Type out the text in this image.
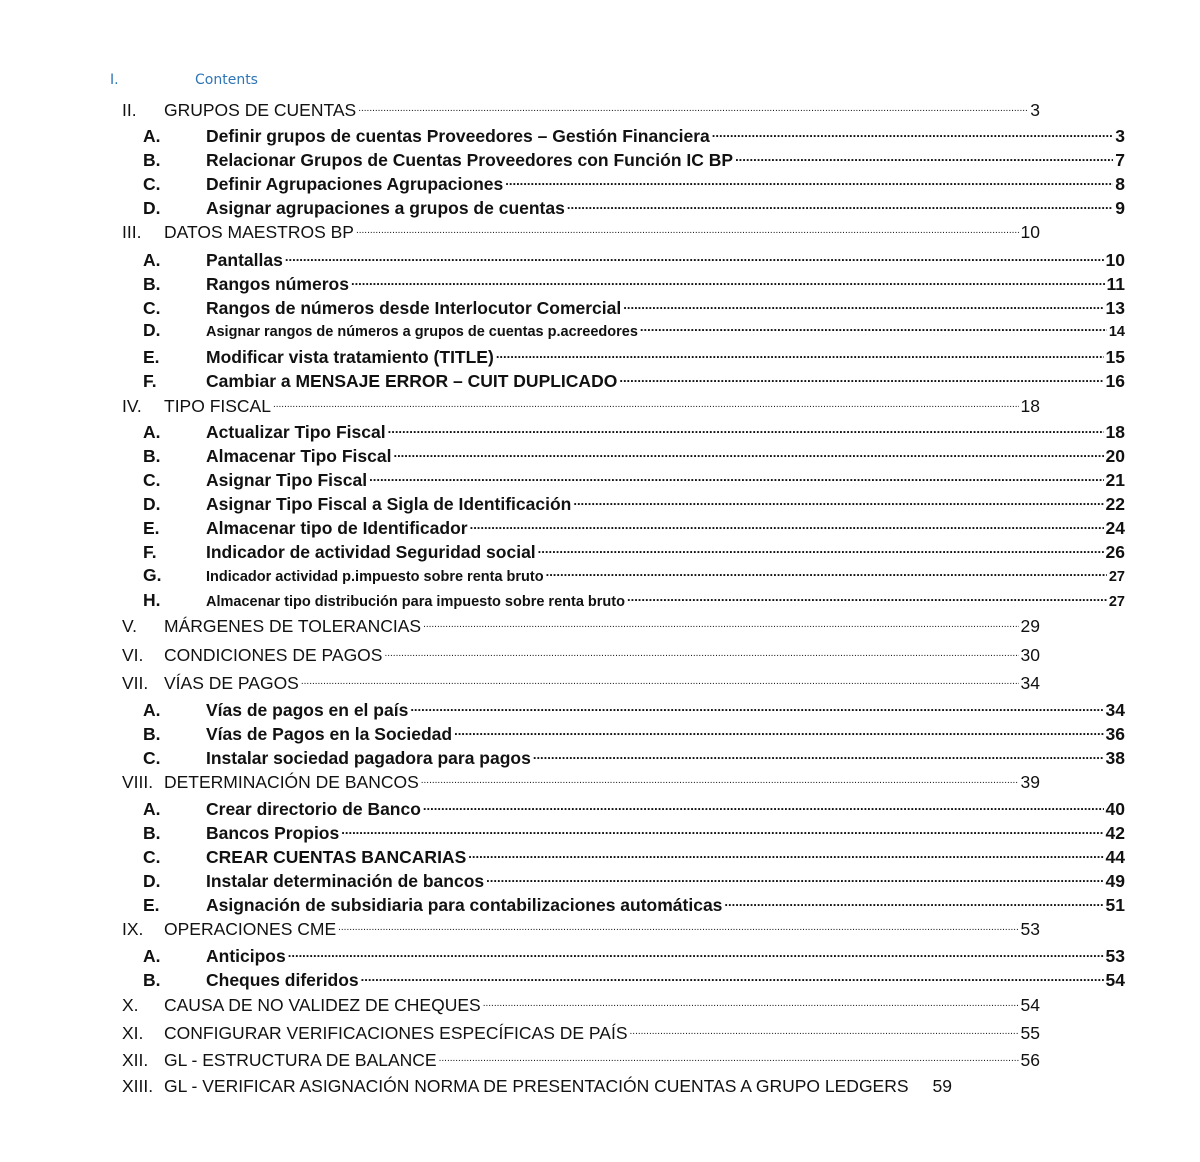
I.	Contents
II.	GRUPOS DE CUENTAS .....	3
A.	Definir grupos de cuentas Proveedores – Gestión Financiera .....	3
B.	Relacionar Grupos de Cuentas Proveedores con Función IC BP .....	7
C.	Definir Agrupaciones Agrupaciones .....	8
D.	Asignar agrupaciones a grupos de cuentas .....	9
III.	DATOS MAESTROS BP .....	10
A.	Pantallas .....	10
B.	Rangos números .....	11
C.	Rangos de números desde Interlocutor Comercial .....	13
D.	Asignar rangos de números a grupos de cuentas p.acreedores .....	14
E.	Modificar vista tratamiento (TITLE) .....	15
F.	Cambiar a MENSAJE ERROR – CUIT DUPLICADO .....	16
IV.	TIPO FISCAL .....	18
A.	Actualizar Tipo Fiscal .....	18
B.	Almacenar Tipo Fiscal .....	20
C.	Asignar Tipo Fiscal .....	21
D.	Asignar Tipo Fiscal a Sigla de Identificación .....	22
E.	Almacenar tipo de Identificador .....	24
F.	Indicador de actividad Seguridad social .....	26
G.	Indicador actividad p.impuesto sobre renta bruto .....	27
H.	Almacenar tipo distribución para impuesto sobre renta bruto .....	27
V.	MÁRGENES DE TOLERANCIAS .....	29
VI.	CONDICIONES DE PAGOS .....	30
VII. VÍAS DE PAGOS .....	34
A.	Vías de pagos en el país .....	34
B.	Vías de Pagos en la Sociedad .....	36
C.	Instalar sociedad pagadora para pagos .....	38
VIII. DETERMINACIÓN DE BANCOS .....	39
A.	Crear directorio de Banco .....	40
B.	Bancos Propios .....	42
C.	CREAR CUENTAS BANCARIAS .....	44
D.	Instalar determinación de bancos .....	49
E.	Asignación de subsidiaria para contabilizaciones automáticas .....	51
IX.	OPERACIONES CME .....	53
A.	Anticipos .....	53
B.	Cheques diferidos .....	54
X.	CAUSA DE NO VALIDEZ DE CHEQUES .....	54
XI.	CONFIGURAR VERIFICACIONES ESPECÍFICAS DE PAÍS .....	55
XII. GL - ESTRUCTURA DE BALANCE .....	56
XIII. GL - VERIFICAR ASIGNACIÓN NORMA DE PRESENTACIÓN CUENTAS A GRUPO LEDGERS 59
